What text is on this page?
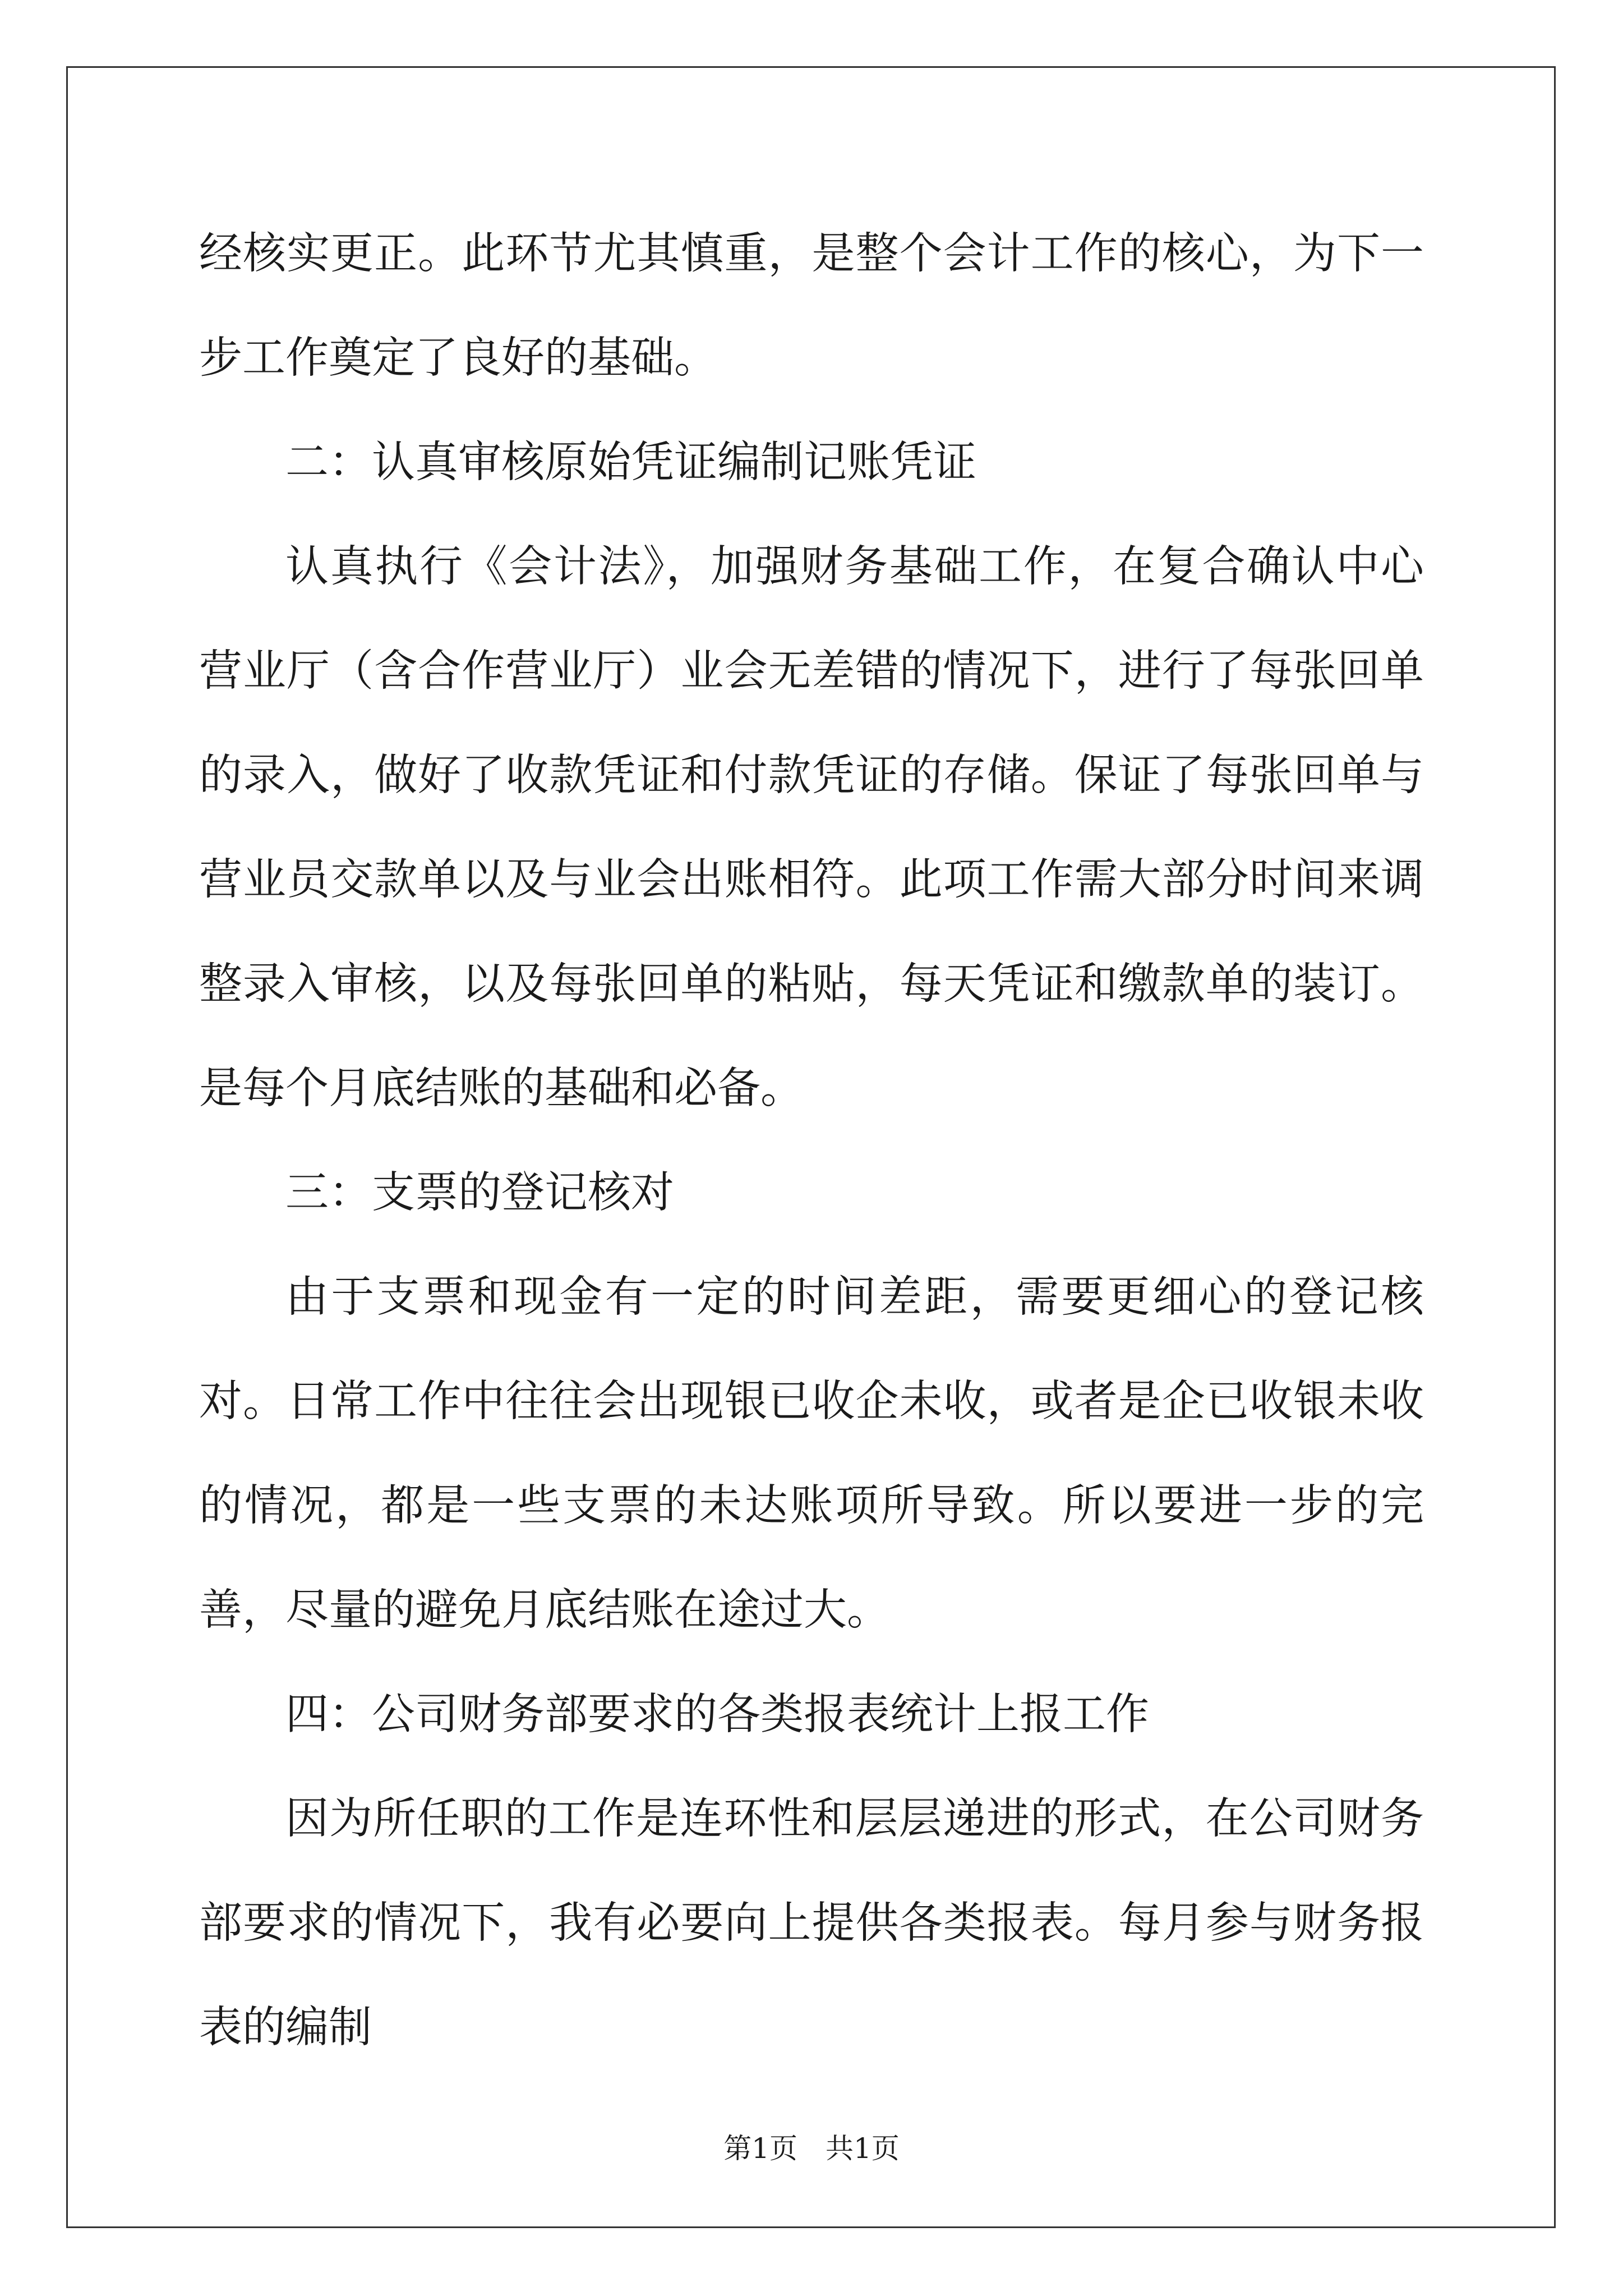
经核实更正。此环节尤其慎重，是整个会计工作的核心，为下一步工作奠定了良好的基础。

二：认真审核原始凭证编制记账凭证

认真执行《会计法》，加强财务基础工作，在复合确认中心营业厅（含合作营业厅）业会无差错的情况下，进行了每张回单的录入，做好了收款凭证和付款凭证的存储。保证了每张回单与营业员交款单以及与业会出账相符。此项工作需大部分时间来调整录入审核，以及每张回单的粘贴，每天凭证和缴款单的装订。是每个月底结账的基础和必备。

三：支票的登记核对

由于支票和现金有一定的时间差距，需要更细心的登记核对。日常工作中往往会出现银已收企未收，或者是企已收银未收的情况，都是一些支票的未达账项所导致。所以要进一步的完善，尽量的避免月底结账在途过大。

四：公司财务部要求的各类报表统计上报工作

因为所任职的工作是连环性和层层递进的形式，在公司财务部要求的情况下，我有必要向上提供各类报表。每月参与财务报表的编制

第1页　共1页
